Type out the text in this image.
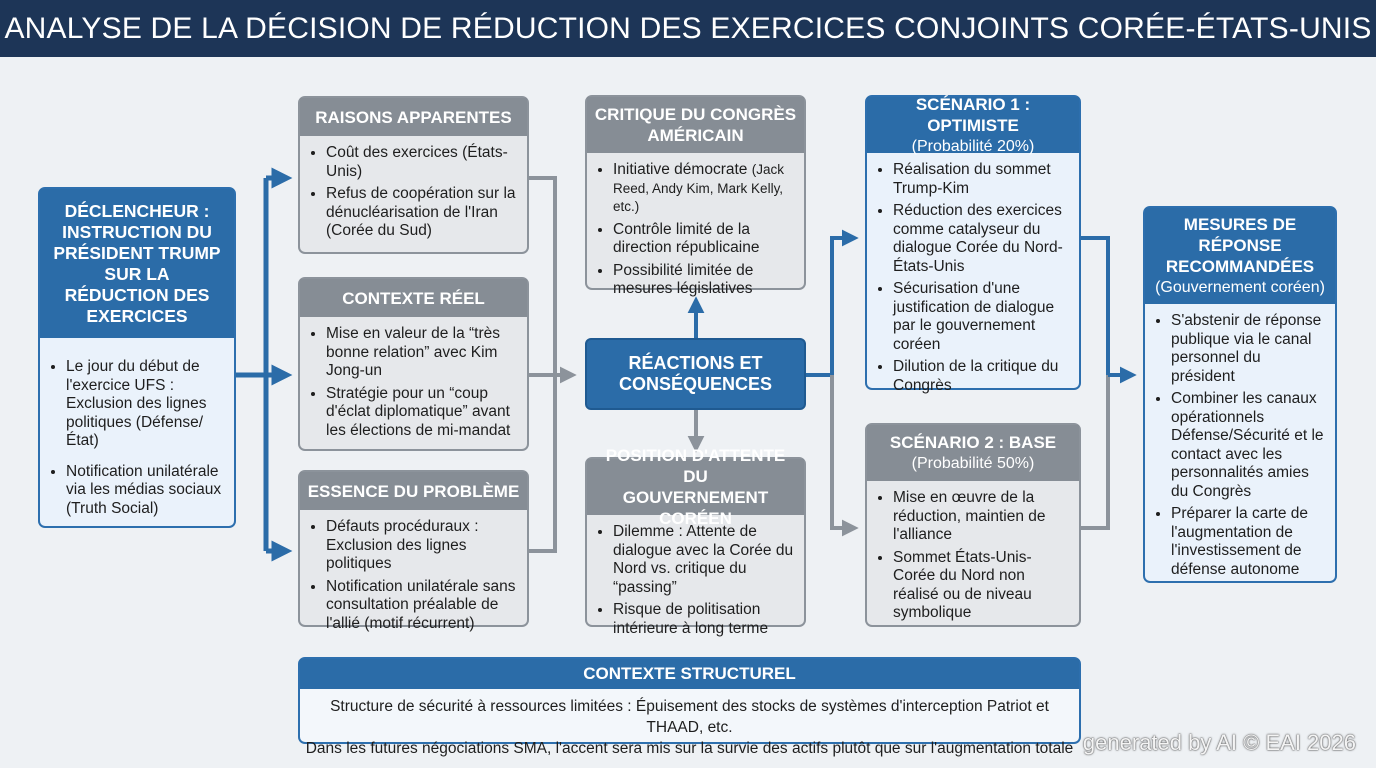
ANALYSE DE LA DÉCISION DE RÉDUCTION DES EXERCICES CONJOINTS CORÉE-ÉTATS-UNIS
DÉCLENCHEUR :
INSTRUCTION DU
PRÉSIDENT TRUMP
SUR LA
RÉDUCTION DES
EXERCICES
• Le jour du début de l'exercice UFS : Exclusion des lignes politiques (Défense/État)
• Notification unilatérale via les médias sociaux (Truth Social)
RAISONS APPARENTES
• Coût des exercices (États-Unis)
• Refus de coopération sur la dénucléarisation de l'Iran (Corée du Sud)
CONTEXTE RÉEL
• Mise en valeur de la “très bonne relation” avec Kim Jong-un
• Stratégie pour un “coup d'éclat diplomatique” avant les élections de mi-mandat
ESSENCE DU PROBLÈME
• Défauts procéduraux : Exclusion des lignes politiques
• Notification unilatérale sans consultation préalable de l'allié (motif récurrent)
CRITIQUE DU CONGRÈS
AMÉRICAIN
• Initiative démocrate (Jack Reed, Andy Kim, Mark Kelly, etc.)
• Contrôle limité de la direction républicaine
• Possibilité limitée de mesures législatives
RÉACTIONS ET
CONSÉQUENCES
POSITION D'ATTENTE DU
GOUVERNEMENT CORÉEN
• Dilemme : Attente de dialogue avec la Corée du Nord vs. critique du “passing”
• Risque de politisation intérieure à long terme
SCÉNARIO 1 : OPTIMISTE
(Probabilité 20%)
• Réalisation du sommet Trump-Kim
• Réduction des exercices comme catalyseur du dialogue Corée du Nord-États-Unis
• Sécurisation d'une justification de dialogue par le gouvernement coréen
• Dilution de la critique du Congrès
SCÉNARIO 2 : BASE
(Probabilité 50%)
• Mise en œuvre de la réduction, maintien de l'alliance
• Sommet États-Unis-Corée du Nord non réalisé ou de niveau symbolique
MESURES DE
RÉPONSE
RECOMMANDÉES
(Gouvernement coréen)
• S'abstenir de réponse publique via le canal personnel du président
• Combiner les canaux opérationnels Défense/Sécurité et le contact avec les personnalités amies du Congrès
• Préparer la carte de l'augmentation de l'investissement de défense autonome
CONTEXTE STRUCTUREL
Structure de sécurité à ressources limitées : Épuisement des stocks de systèmes d'interception Patriot et THAAD, etc.
Dans les futures négociations SMA, l'accent sera mis sur la survie des actifs plutôt que sur l'augmentation totale generated by AI © EAI 2026
